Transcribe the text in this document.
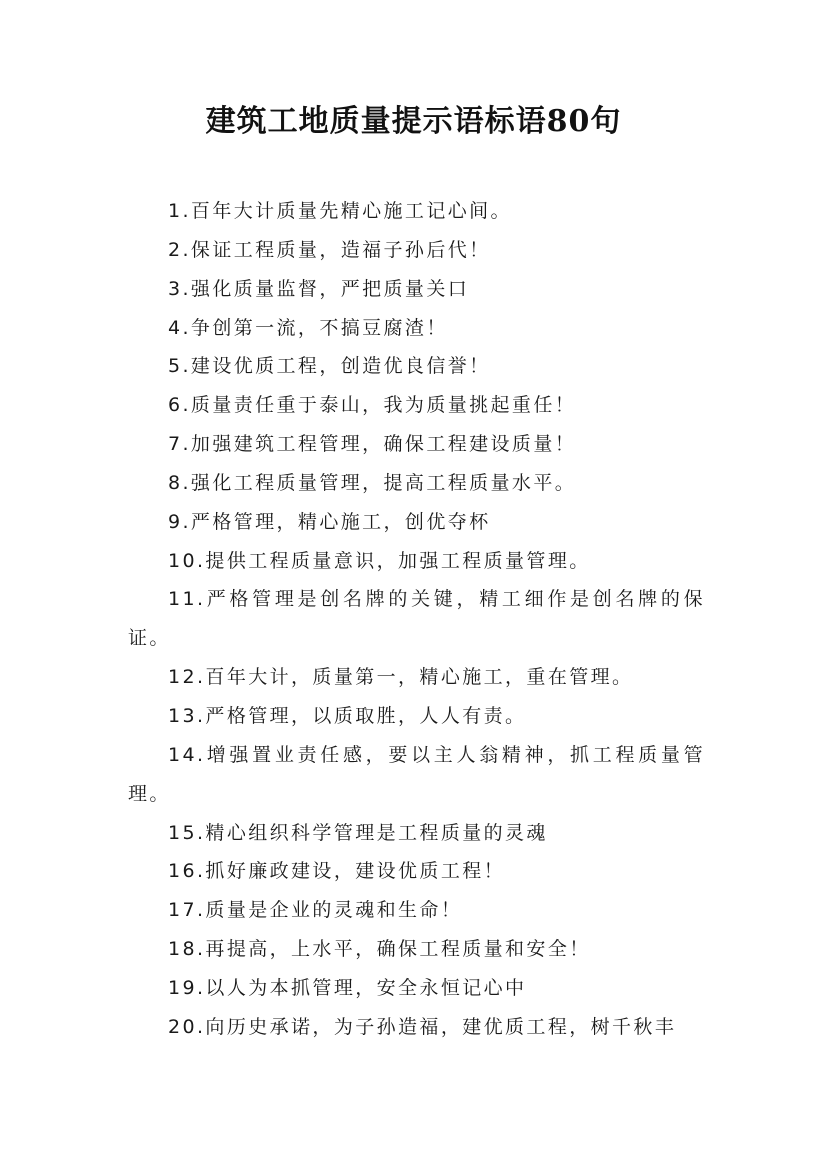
建筑工地质量提示语标语80句

1.百年大计质量先精心施工记心间。

2.保证工程质量，造福子孙后代！

3.强化质量监督，严把质量关口

4.争创第一流，不搞豆腐渣！

5.建设优质工程，创造优良信誉！

6.质量责任重于泰山，我为质量挑起重任！

7.加强建筑工程管理，确保工程建设质量！

8.强化工程质量管理，提高工程质量水平。

9.严格管理，精心施工，创优夺杯

10.提供工程质量意识，加强工程质量管理。

11.严格管理是创名牌的关键，精工细作是创名牌的保证。

12.百年大计，质量第一，精心施工，重在管理。

13.严格管理，以质取胜，人人有责。

14.增强置业责任感，要以主人翁精神，抓工程质量管理。

15.精心组织科学管理是工程质量的灵魂

16.抓好廉政建设，建设优质工程！

17.质量是企业的灵魂和生命！

18.再提高，上水平，确保工程质量和安全！

19.以人为本抓管理，安全永恒记心中

20.向历史承诺，为子孙造福，建优质工程，树千秋丰
